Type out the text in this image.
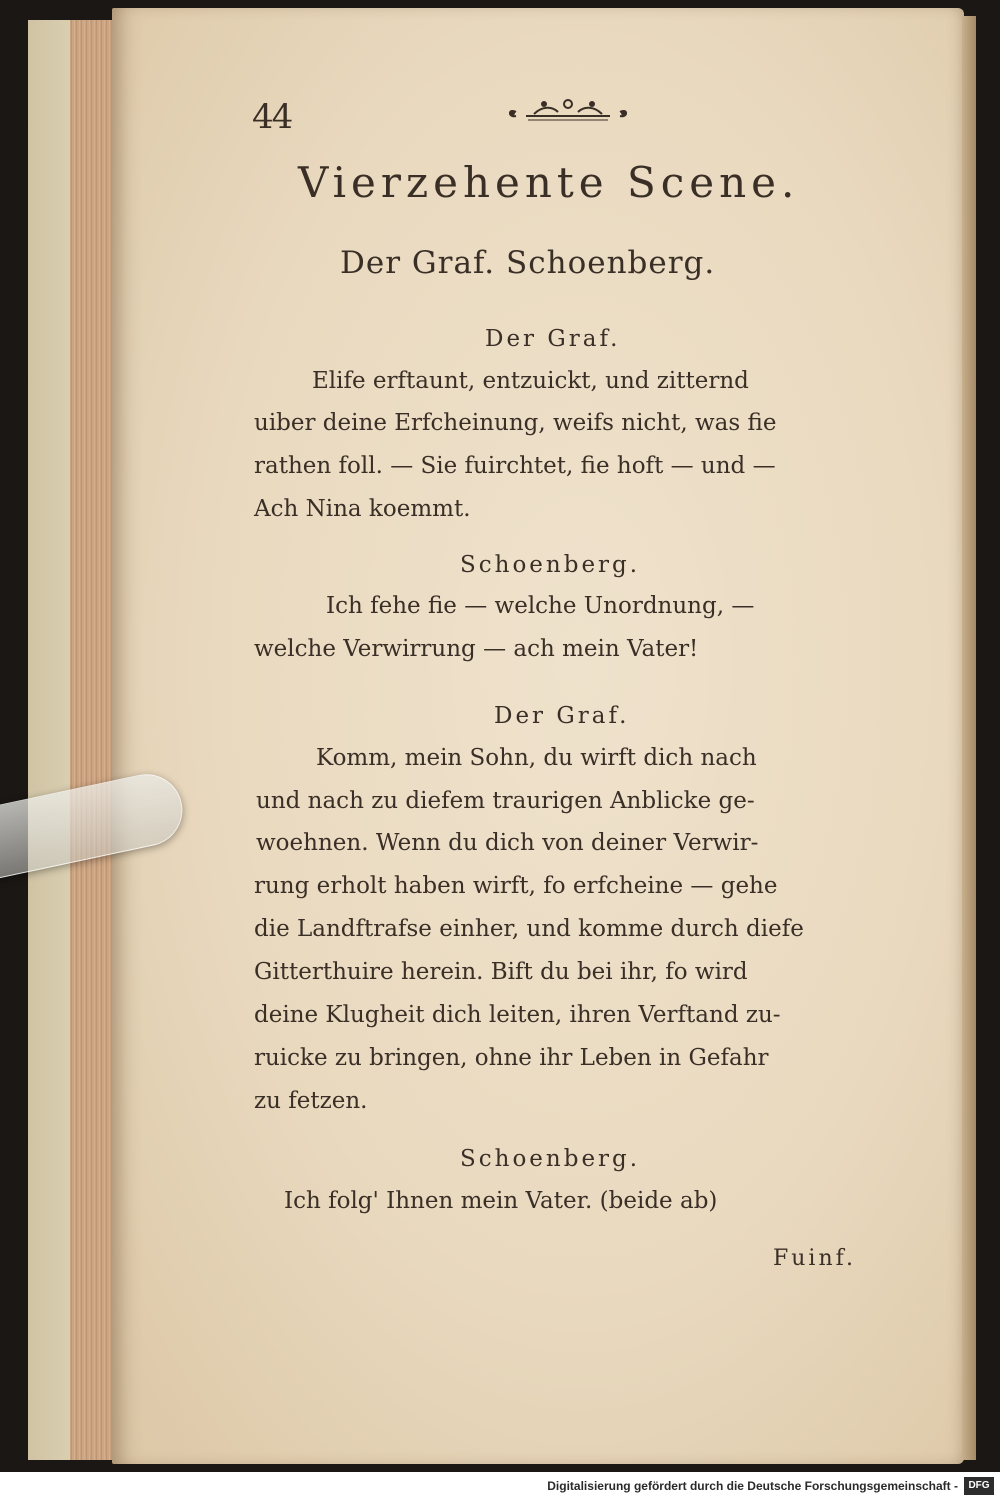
44
Vierzehente Scene.
Der Graf. Schoenberg.
Der Graf.
Elife erftaunt, entzuickt, und zitternd
uiber deine Erfcheinung, weifs nicht, was fie
rathen foll. — Sie fuirchtet, fie hoft — und —
Ach Nina koemmt.
Schoenberg.
Ich fehe fie — welche Unordnung, —
welche Verwirrung — ach mein Vater!
Der Graf.
Komm, mein Sohn, du wirft dich nach
und nach zu diefem traurigen Anblicke ge-
woehnen. Wenn du dich von deiner Verwir-
rung erholt haben wirft, fo erfcheine — gehe
die Landftrafse einher, und komme durch diefe
Gitterthuire herein. Bift du bei ihr, fo wird
deine Klugheit dich leiten, ihren Verftand zu-
ruicke zu bringen, ohne ihr Leben in Gefahr
zu fetzen.
Schoenberg.
Ich folg' Ihnen mein Vater. (beide ab)
Fuinf.
Digitalisierung gefördert durch die Deutsche Forschungsgemeinschaft -	DFG
